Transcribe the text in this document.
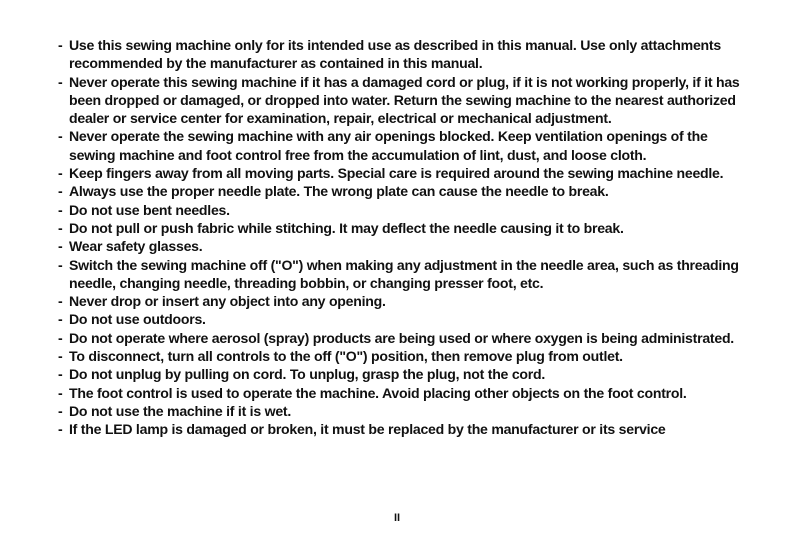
- Use this sewing machine only for its intended use as described in this manual. Use only attachments recommended by the manufacturer as contained in this manual.
- Never operate this sewing machine if it has a damaged cord or plug, if it is not working properly, if it has been dropped or damaged, or dropped into water. Return the sewing machine to the nearest authorized dealer or service center for examination, repair, electrical or mechanical adjustment.
- Never operate the sewing machine with any air openings blocked. Keep ventilation openings of the sewing machine and foot control free from the accumulation of lint, dust, and loose cloth.
- Keep fingers away from all moving parts. Special care is required around the sewing machine needle.
- Always use the proper needle plate. The wrong plate can cause the needle to break.
- Do not use bent needles.
- Do not pull or push fabric while stitching. It may deflect the needle causing it to break.
- Wear safety glasses.
- Switch the sewing machine off ("O") when making any adjustment in the needle area, such as threading needle, changing needle, threading bobbin, or changing presser foot, etc.
- Never drop or insert any object into any opening.
- Do not use outdoors.
- Do not operate where aerosol (spray) products are being used or where oxygen is being administrated.
- To disconnect, turn all controls to the off ("O") position, then remove plug from outlet.
- Do not unplug by pulling on cord. To unplug, grasp the plug, not the cord.
- The foot control is used to operate the machine. Avoid placing other objects on the foot control.
- Do not use the machine if it is wet.
- If the LED lamp is damaged or broken, it must be replaced by the manufacturer or its service
II
